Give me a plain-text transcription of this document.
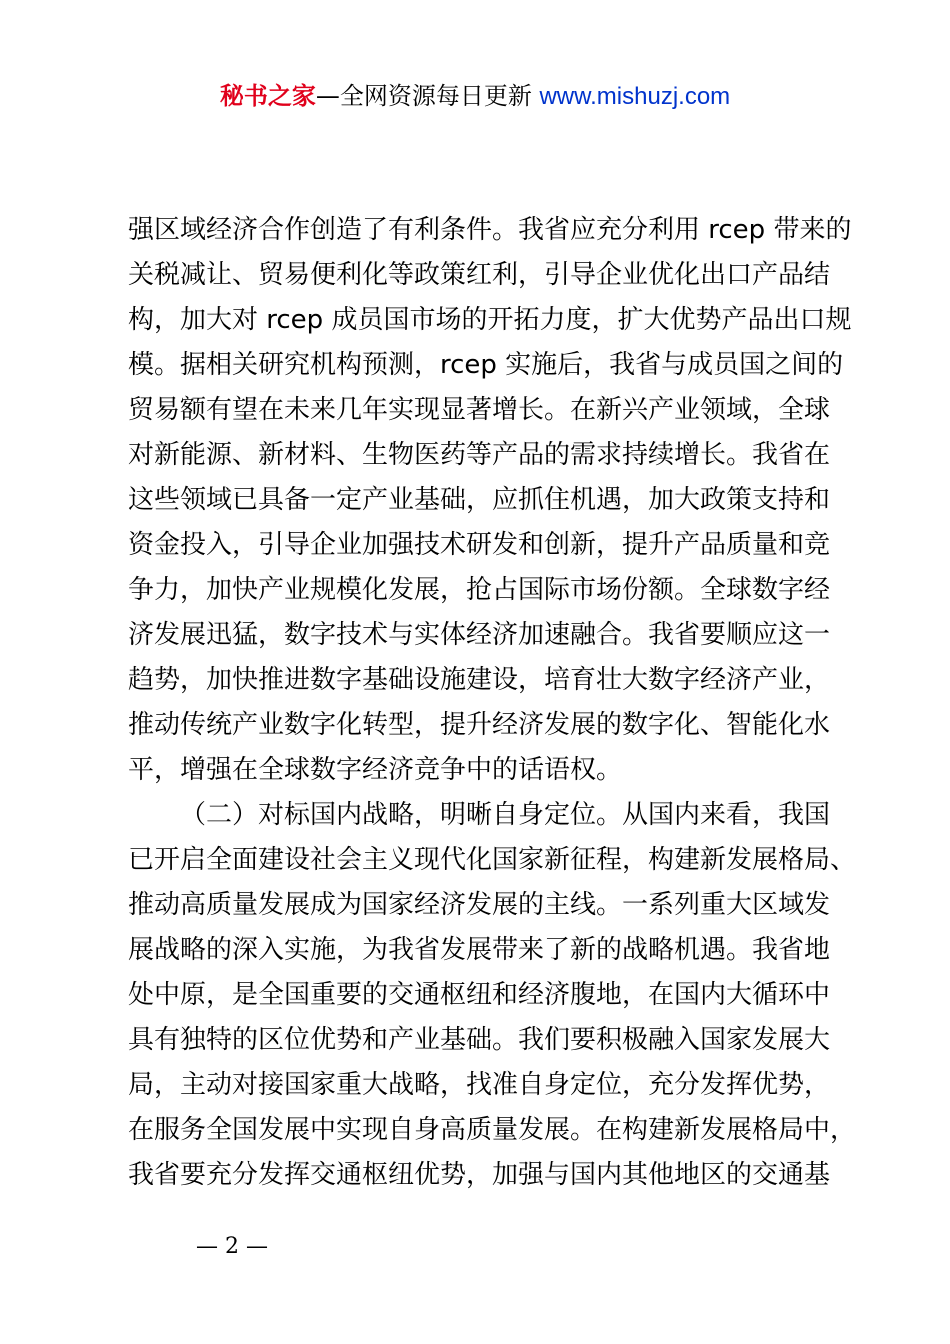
秘书之家—全网资源每日更新 www.mishuzj.com
强区域经济合作创造了有利条件。我省应充分利用 rcep 带来的
关税减让、贸易便利化等政策红利，引导企业优化出口产品结
构，加大对 rcep 成员国市场的开拓力度，扩大优势产品出口规
模。据相关研究机构预测，rcep 实施后，我省与成员国之间的
贸易额有望在未来几年实现显著增长。在新兴产业领域，全球
对新能源、新材料、生物医药等产品的需求持续增长。我省在
这些领域已具备一定产业基础，应抓住机遇，加大政策支持和
资金投入，引导企业加强技术研发和创新，提升产品质量和竞
争力，加快产业规模化发展，抢占国际市场份额。全球数字经
济发展迅猛，数字技术与实体经济加速融合。我省要顺应这一
趋势，加快推进数字基础设施建设，培育壮大数字经济产业，
推动传统产业数字化转型，提升经济发展的数字化、智能化水
平，增强在全球数字经济竞争中的话语权。
（二）对标国内战略，明晰自身定位。从国内来看，我国
已开启全面建设社会主义现代化国家新征程，构建新发展格局、
推动高质量发展成为国家经济发展的主线。一系列重大区域发
展战略的深入实施，为我省发展带来了新的战略机遇。我省地
处中原，是全国重要的交通枢纽和经济腹地，在国内大循环中
具有独特的区位优势和产业基础。我们要积极融入国家发展大
局，主动对接国家重大战略，找准自身定位，充分发挥优势，
在服务全国发展中实现自身高质量发展。在构建新发展格局中，
我省要充分发挥交通枢纽优势，加强与国内其他地区的交通基
— 2 —
